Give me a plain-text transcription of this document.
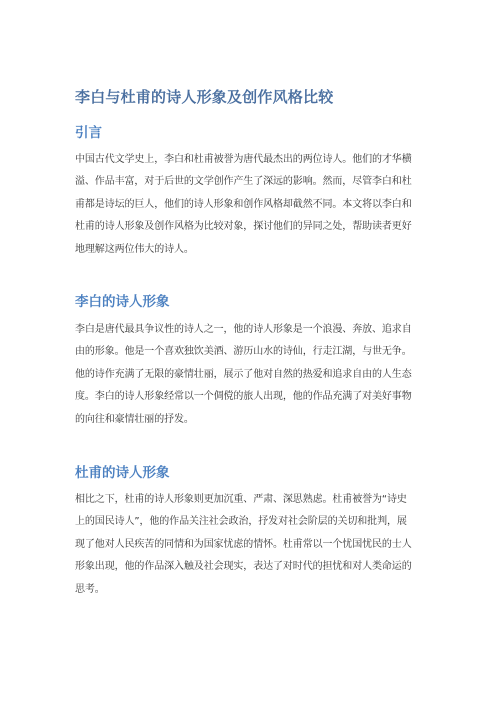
李白与杜甫的诗人形象及创作风格比较
引言
中国古代文学史上，李白和杜甫被誉为唐代最杰出的两位诗人。他们的才华横
溢、作品丰富，对于后世的文学创作产生了深远的影响。然而，尽管李白和杜
甫都是诗坛的巨人，他们的诗人形象和创作风格却截然不同。本文将以李白和
杜甫的诗人形象及创作风格为比较对象，探讨他们的异同之处，帮助读者更好
地理解这两位伟大的诗人。
李白的诗人形象
李白是唐代最具争议性的诗人之一，他的诗人形象是一个浪漫、奔放、追求自
由的形象。他是一个喜欢独饮美酒、游历山水的诗仙，行走江湖，与世无争。
他的诗作充满了无限的豪情壮丽，展示了他对自然的热爱和追求自由的人生态
度。李白的诗人形象经常以一个倜傥的旅人出现，他的作品充满了对美好事物
的向往和豪情壮丽的抒发。
杜甫的诗人形象
相比之下，杜甫的诗人形象则更加沉重、严肃、深思熟虑。杜甫被誉为“诗史
上的国民诗人”，他的作品关注社会政治，抒发对社会阶层的关切和批判，展
现了他对人民疾苦的同情和为国家忧虑的情怀。杜甫常以一个忧国忧民的士人
形象出现，他的作品深入触及社会现实，表达了对时代的担忧和对人类命运的
思考。
